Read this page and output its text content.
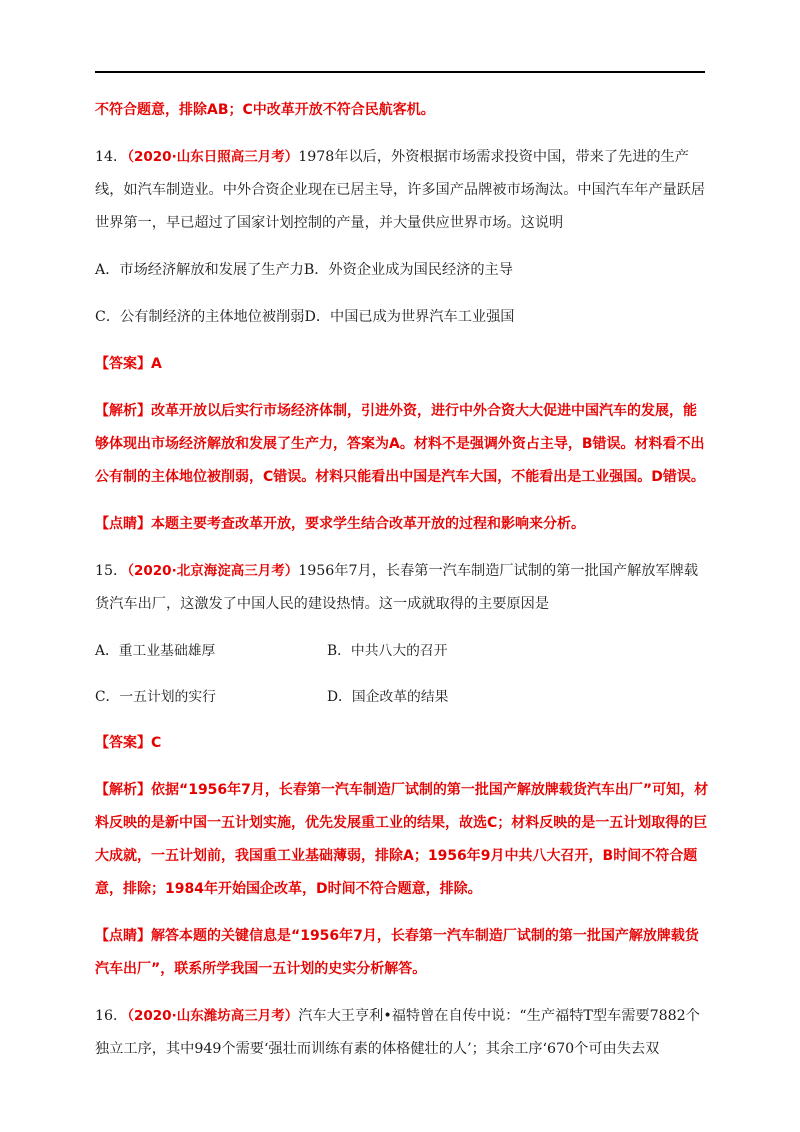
不符合题意，排除AB；C中改革开放不符合民航客机。

14．（2020·山东日照高三月考）1978年以后，外资根据市场需求投资中国，带来了先进的生产线，如汽车制造业。中外合资企业现在已居主导，许多国产品牌被市场淘汰。中国汽车年产量跃居世界第一，早已超过了国家计划控制的产量，并大量供应世界市场。这说明

A．市场经济解放和发展了生产力B．外资企业成为国民经济的主导

C．公有制经济的主体地位被削弱D．中国已成为世界汽车工业强国

【答案】A

【解析】改革开放以后实行市场经济体制，引进外资，进行中外合资大大促进中国汽车的发展，能够体现出市场经济解放和发展了生产力，答案为A。材料不是强调外资占主导，B错误。材料看不出公有制的主体地位被削弱，C错误。材料只能看出中国是汽车大国，不能看出是工业强国。D错误。

【点睛】本题主要考查改革开放，要求学生结合改革开放的过程和影响来分析。

15．（2020·北京海淀高三月考）1956年7月，长春第一汽车制造厂试制的第一批国产解放军牌载货汽车出厂，这激发了中国人民的建设热情。这一成就取得的主要原因是

A．重工业基础雄厚	B．中共八大的召开
C．一五计划的实行	D．国企改革的结果

【答案】C

【解析】依据“1956年7月，长春第一汽车制造厂试制的第一批国产解放牌载货汽车出厂”可知，材料反映的是新中国一五计划实施，优先发展重工业的结果，故选C；材料反映的是一五计划取得的巨大成就，一五计划前，我国重工业基础薄弱，排除A；1956年9月中共八大召开，B时间不符合题意，排除；1984年开始国企改革，D时间不符合题意，排除。

【点睛】解答本题的关键信息是“1956年7月，长春第一汽车制造厂试制的第一批国产解放牌载货汽车出厂”，联系所学我国一五计划的史实分析解答。

16．（2020·山东潍坊高三月考）汽车大王亨利•福特曾在自传中说：“生产福特T型车需要7882个独立工序，其中949个需要‘强壮而训练有素的体格健壮的人’；其余工序‘670个可由失去双
